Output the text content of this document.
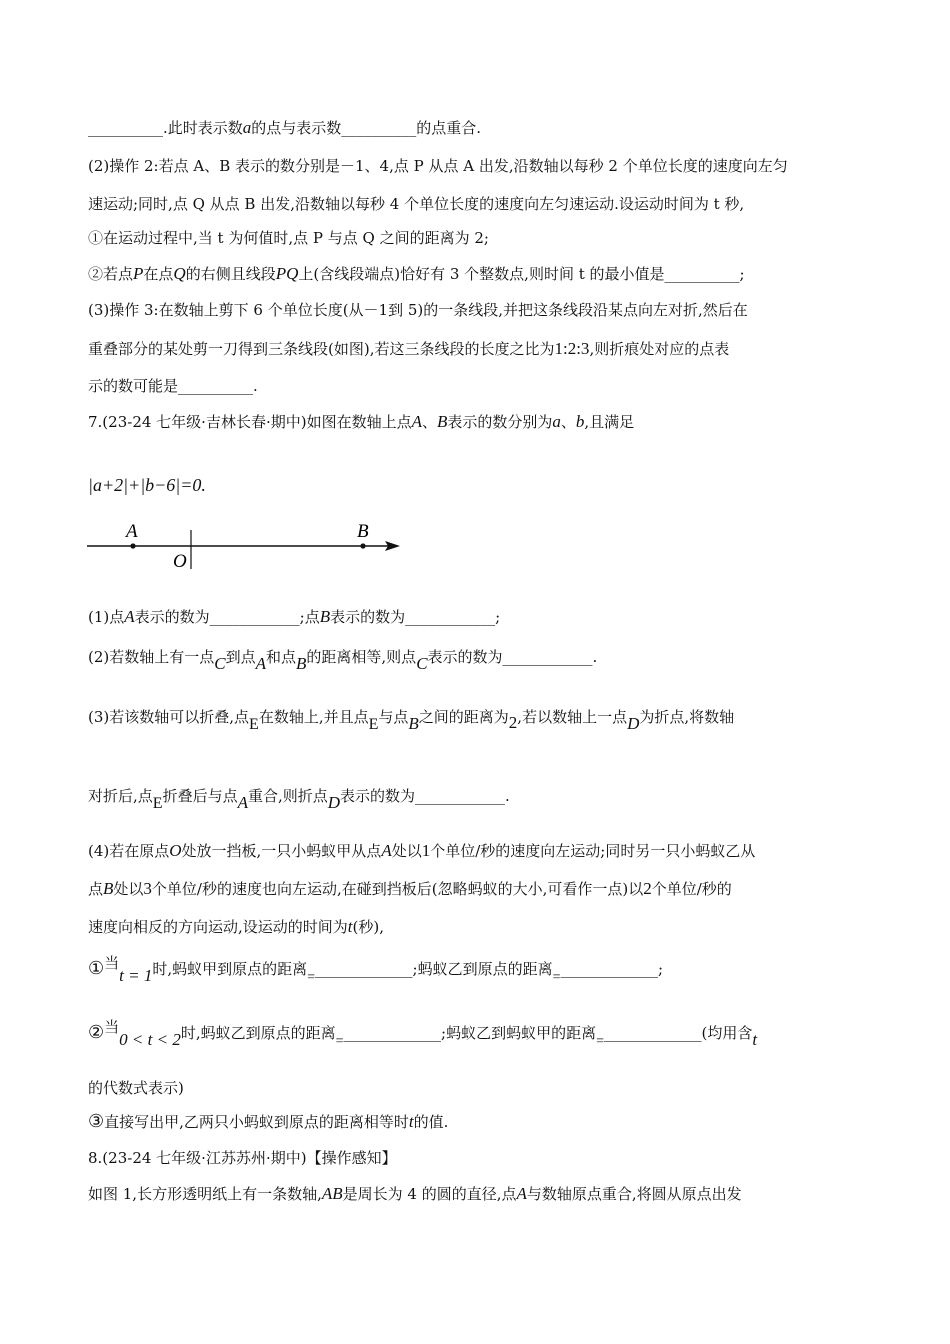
__________.此时表示数a的点与表示数__________的点重合.
(2)操作 2:若点 A、B 表示的数分别是－1、4,点 P 从点 A 出发,沿数轴以每秒 2 个单位长度的速度向左匀
速运动;同时,点 Q 从点 B 出发,沿数轴以每秒 4 个单位长度的速度向左匀速运动.设运动时间为 t 秒,
①在运动过程中,当 t 为何值时,点 P 与点 Q 之间的距离为 2;
②若点P在点Q的右侧且线段PQ上(含线段端点)恰好有 3 个整数点,则时间 t 的最小值是__________;
(3)操作 3:在数轴上剪下 6 个单位长度(从－1到 5)的一条线段,并把这条线段沿某点向左对折,然后在
重叠部分的某处剪一刀得到三条线段(如图),若这三条线段的长度之比为1:2:3,则折痕处对应的点表
示的数可能是__________.
7.(23-24 七年级·吉林长春·期中)如图在数轴上点A、B表示的数分别为a、b,且满足
|a+2|+|b−6|=0.
A
O
B
(1)点A表示的数为____________;点B表示的数为____________;
(2)若数轴上有一点C到点A和点B的距离相等,则点C表示的数为____________.
(3)若该数轴可以折叠,点E在数轴上,并且点E与点B之间的距离为2,若以数轴上一点D为折点,将数轴
对折后,点E折叠后与点A重合,则折点D表示的数为____________.
(4)若在原点O处放一挡板,一只小蚂蚁甲从点A处以1个单位/秒的速度向左运动;同时另一只小蚂蚁乙从
点B处以3个单位/秒的速度也向左运动,在碰到挡板后(忽略蚂蚁的大小,可看作一点)以2个单位/秒的
速度向相反的方向运动,设运动的时间为t(秒),
①当t = 1时,蚂蚁甲到原点的距离=_____________;蚂蚁乙到原点的距离=_____________;
②当0 < t < 2时,蚂蚁乙到原点的距离=_____________;蚂蚁乙到蚂蚁甲的距离=_____________(均用含t
的代数式表示)
③直接写出甲,乙两只小蚂蚁到原点的距离相等时t的值.
8.(23-24 七年级·江苏苏州·期中)【操作感知】
如图 1,长方形透明纸上有一条数轴,AB是周长为 4 的圆的直径,点A与数轴原点重合,将圆从原点出发
